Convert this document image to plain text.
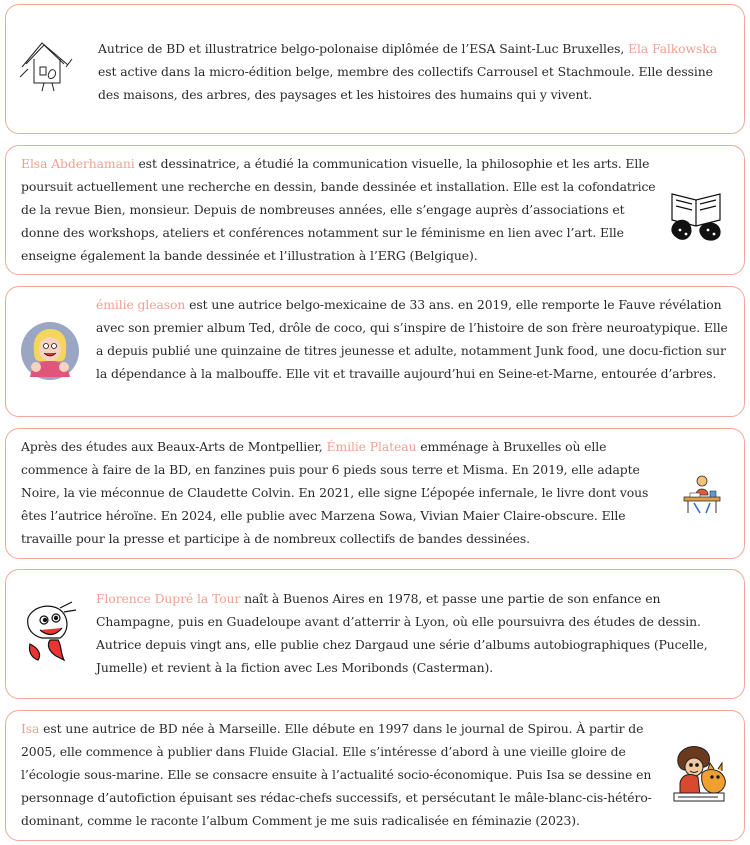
Autrice de BD et illustratrice belgo-polonaise diplômée de l’ESA Saint-Luc Bruxelles, Ela Falkowska est active dans la micro-édition belge, membre des collectifs Carrousel et Stachmoule. Elle dessine des maisons, des arbres, des paysages et les histoires des humains qui y vivent.
Elsa Abderhamani est dessinatrice, a étudié la communication visuelle, la philosophie et les arts. Elle poursuit actuellement une recherche en dessin, bande dessinée et installation. Elle est la cofondatrice de la revue Bien, monsieur. Depuis de nombreuses années, elle s’engage auprès d’associations et donne des workshops, ateliers et conférences notamment sur le féminisme en lien avec l’art. Elle enseigne également la bande dessinée et l’illustration à l’ERG (Belgique).
émilie gleason est une autrice belgo-mexicaine de 33 ans. en 2019, elle remporte le Fauve révélation avec son premier album Ted, drôle de coco, qui s’inspire de l’histoire de son frère neuroatypique. Elle a depuis publié une quinzaine de titres jeunesse et adulte, notamment Junk food, une docu-fiction sur la dépendance à la malbouffe. Elle vit et travaille aujourd’hui en Seine-et-Marne, entourée d’arbres.
Après des études aux Beaux-Arts de Montpellier, Émilie Plateau emménage à Bruxelles où elle commence à faire de la BD, en fanzines puis pour 6 pieds sous terre et Misma. En 2019, elle adapte Noire, la vie méconnue de Claudette Colvin. En 2021, elle signe L’épopée infernale, le livre dont vous êtes l’autrice héroïne. En 2024, elle publie avec Marzena Sowa, Vivian Maier Claire-obscure. Elle travaille pour la presse et participe à de nombreux collectifs de bandes dessinées.
Florence Dupré la Tour naît à Buenos Aires en 1978, et passe une partie de son enfance en Champagne, puis en Guadeloupe avant d’atterrir à Lyon, où elle poursuivra des études de dessin. Autrice depuis vingt ans, elle publie chez Dargaud une série d’albums autobiographiques (Pucelle, Jumelle) et revient à la fiction avec Les Moribonds (Casterman).
Isa est une autrice de BD née à Marseille. Elle débute en 1997 dans le journal de Spirou. À partir de 2005, elle commence à publier dans Fluide Glacial. Elle s’intéresse d’abord à une vieille gloire de l’écologie sous-marine. Elle se consacre ensuite à l’actualité socio-économique. Puis Isa se dessine en personnage d’autofiction épuisant ses rédac-chefs successifs, et persécutant le mâle-blanc-cis-hétéro-dominant, comme le raconte l’album Comment je me suis radicalisée en féminazie (2023).
